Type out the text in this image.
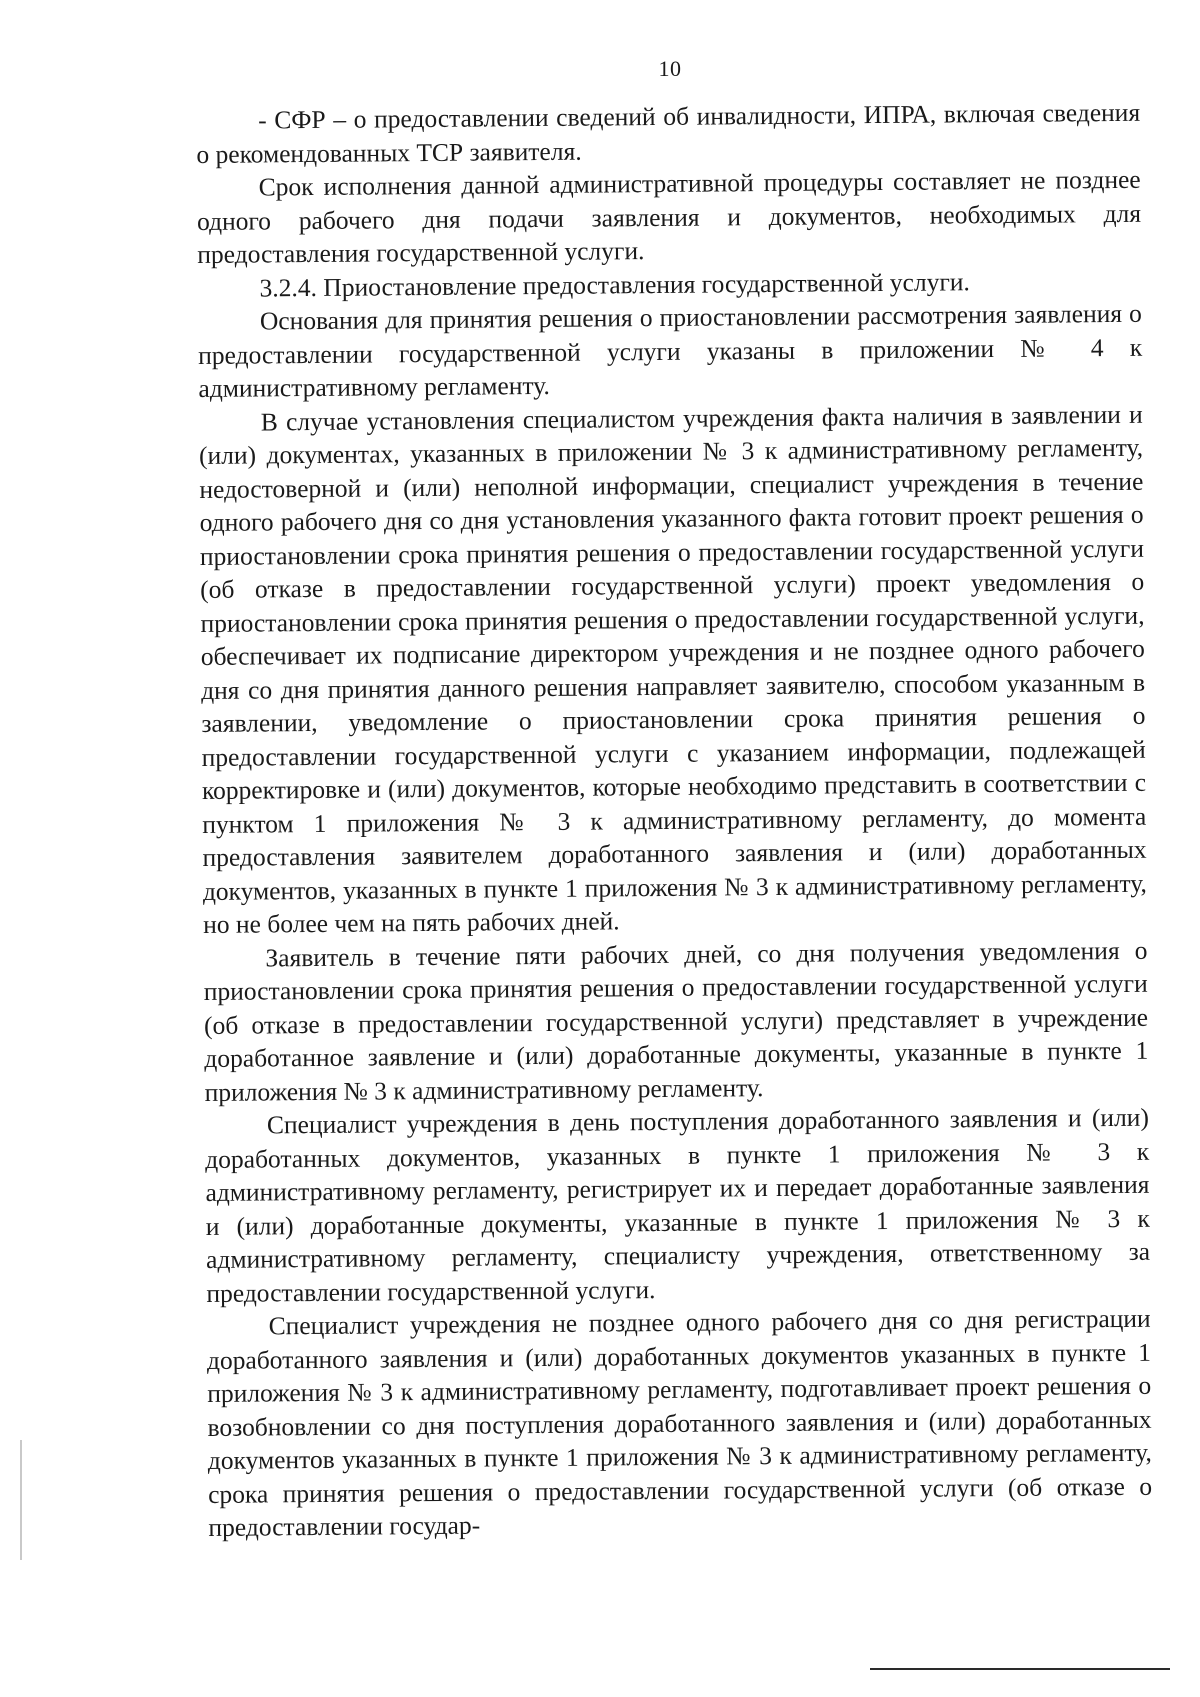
10

- СФР – о предоставлении сведений об инвалидности, ИПРА, включая сведения о рекомендованных ТСР заявителя.

Срок исполнения данной административной процедуры составляет не позднее одного рабочего дня подачи заявления и документов, необходимых для предоставления государственной услуги.

3.2.4. Приостановление предоставления государственной услуги.

Основания для принятия решения о приостановлении рассмотрения заявления о предоставлении государственной услуги указаны в приложении № 4 к административному регламенту.

В случае установления специалистом учреждения факта наличия в заявлении и (или) документах, указанных в приложении № 3 к административному регламенту, недостоверной и (или) неполной информации, специалист учреждения в течение одного рабочего дня со дня установления указанного факта готовит проект решения о приостановлении срока принятия решения о предоставлении государственной услуги (об отказе в предоставлении государственной услуги) проект уведомления о приостановлении срока принятия решения о предоставлении государственной услуги, обеспечивает их подписание директором учреждения и не позднее одного рабочего дня со дня принятия данного решения направляет заявителю, способом указанным в заявлении, уведомление о приостановлении срока принятия решения о предоставлении государственной услуги с указанием информации, подлежащей корректировке и (или) документов, которые необходимо представить в соответствии с пунктом 1 приложения № 3 к административному регламенту, до момента предоставления заявителем доработанного заявления и (или) доработанных документов, указанных в пункте 1 приложения № 3 к административному регламенту, но не более чем на пять рабочих дней.

Заявитель в течение пяти рабочих дней, со дня получения уведомления о приостановлении срока принятия решения о предоставлении государственной услуги (об отказе в предоставлении государственной услуги) представляет в учреждение доработанное заявление и (или) доработанные документы, указанные в пункте 1 приложения № 3 к административному регламенту.

Специалист учреждения в день поступления доработанного заявления и (или) доработанных документов, указанных в пункте 1 приложения № 3 к административному регламенту, регистрирует их и передает доработанные заявления и (или) доработанные документы, указанные в пункте 1 приложения № 3 к административному регламенту, специалисту учреждения, ответственному за предоставлении государственной услуги.

Специалист учреждения не позднее одного рабочего дня со дня регистрации доработанного заявления и (или) доработанных документов указанных в пункте 1 приложения № 3 к административному регламенту, подготавливает проект решения о возобновлении со дня поступления доработанного заявления и (или) доработанных документов указанных в пункте 1 приложения № 3 к административному регламенту, срока принятия решения о предоставлении государственной услуги (об отказе о предоставлении государ-
